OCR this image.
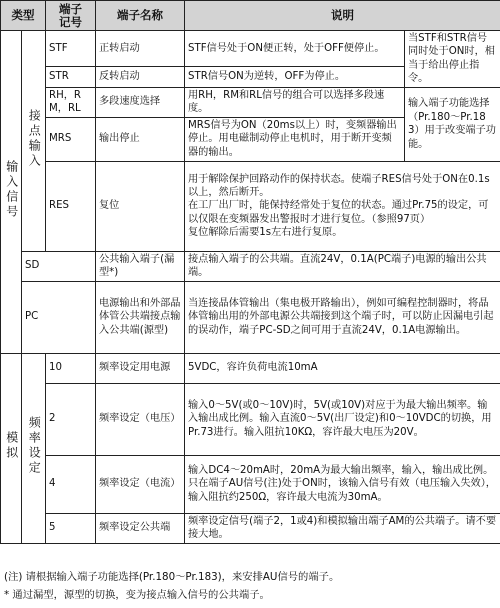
类型		端子
记号	端子名称	说明	
输入信号	接点输入	STF	正转启动	STF信号处于ON便正转，处于OFF便停止。	当STF和STR信号同时处于ON时，相当于给出停止指令。
		STR	反转启动	STR信号ON为逆转，OFF为停止。	
		RH，RM，RL	多段速度选择	用RH，RM和RL信号的组合可以选择多段速度。	输入端子功能选择（Pr.180～Pr.183）用于改变端子功能。
		MRS	输出停止	MRS信号为ON（20ms以上）时，变频器输出停止。用电磁制动停止电机时，用于断开变频器的输出。	
		RES	复位	用于解除保护回路动作的保持状态。使端子RES信号处于ON在0.1s以上，然后断开。
在工厂出厂时，能保持经常处于复位的状态。通过Pr.75的设定，可以仅限在变频器发出警报时才进行复位。（参照97页）
复位解除后需要1s左右进行复原。	
	SD		公共输入端子(漏型*)	接点输入端子的公共端。直流24V，0.1A(PC端子)电源的输出公共端。	
	PC		电源输出和外部晶体管公共端接点输入公共端(源型)	当连接晶体管输出（集电极开路输出），例如可编程控制器时，将晶体管输出用的外部电源公共端接到这个端子时，可以防止因漏电引起的误动作，端子PC-SD之间可用于直流24V，0.1A电源输出。	
模拟	频率设定	10	频率设定用电源	5VDC，容许负荷电流10mA	
		2	频率设定（电压）	输入0～5V(或0～10V)时，5V(或10V)对应于为最大输出频率。输入输出成比例。输入直流0～5V(出厂设定)和0～10VDC的切换，用Pr.73进行。输入阻抗10KΩ，容许最大电压为20V。	
		4	频率设定（电流）	输入DC4～20mA时，20mA为最大输出频率，输入，输出成比例。只在端子AU信号(注)处于ON时，该输入信号有效（电压输入失效），输入阻抗约250Ω，容许最大电流为30mA。	
		5	频率设定公共端	频率设定信号(端子2，1或4)和模拟输出端子AM的公共端子。请不要接大地。	
(注) 请根据输入端子功能选择(Pr.180～Pr.183)，来安排AU信号的端子。
* 通过漏型，源型的切换，变为接点输入信号的公共端子。
